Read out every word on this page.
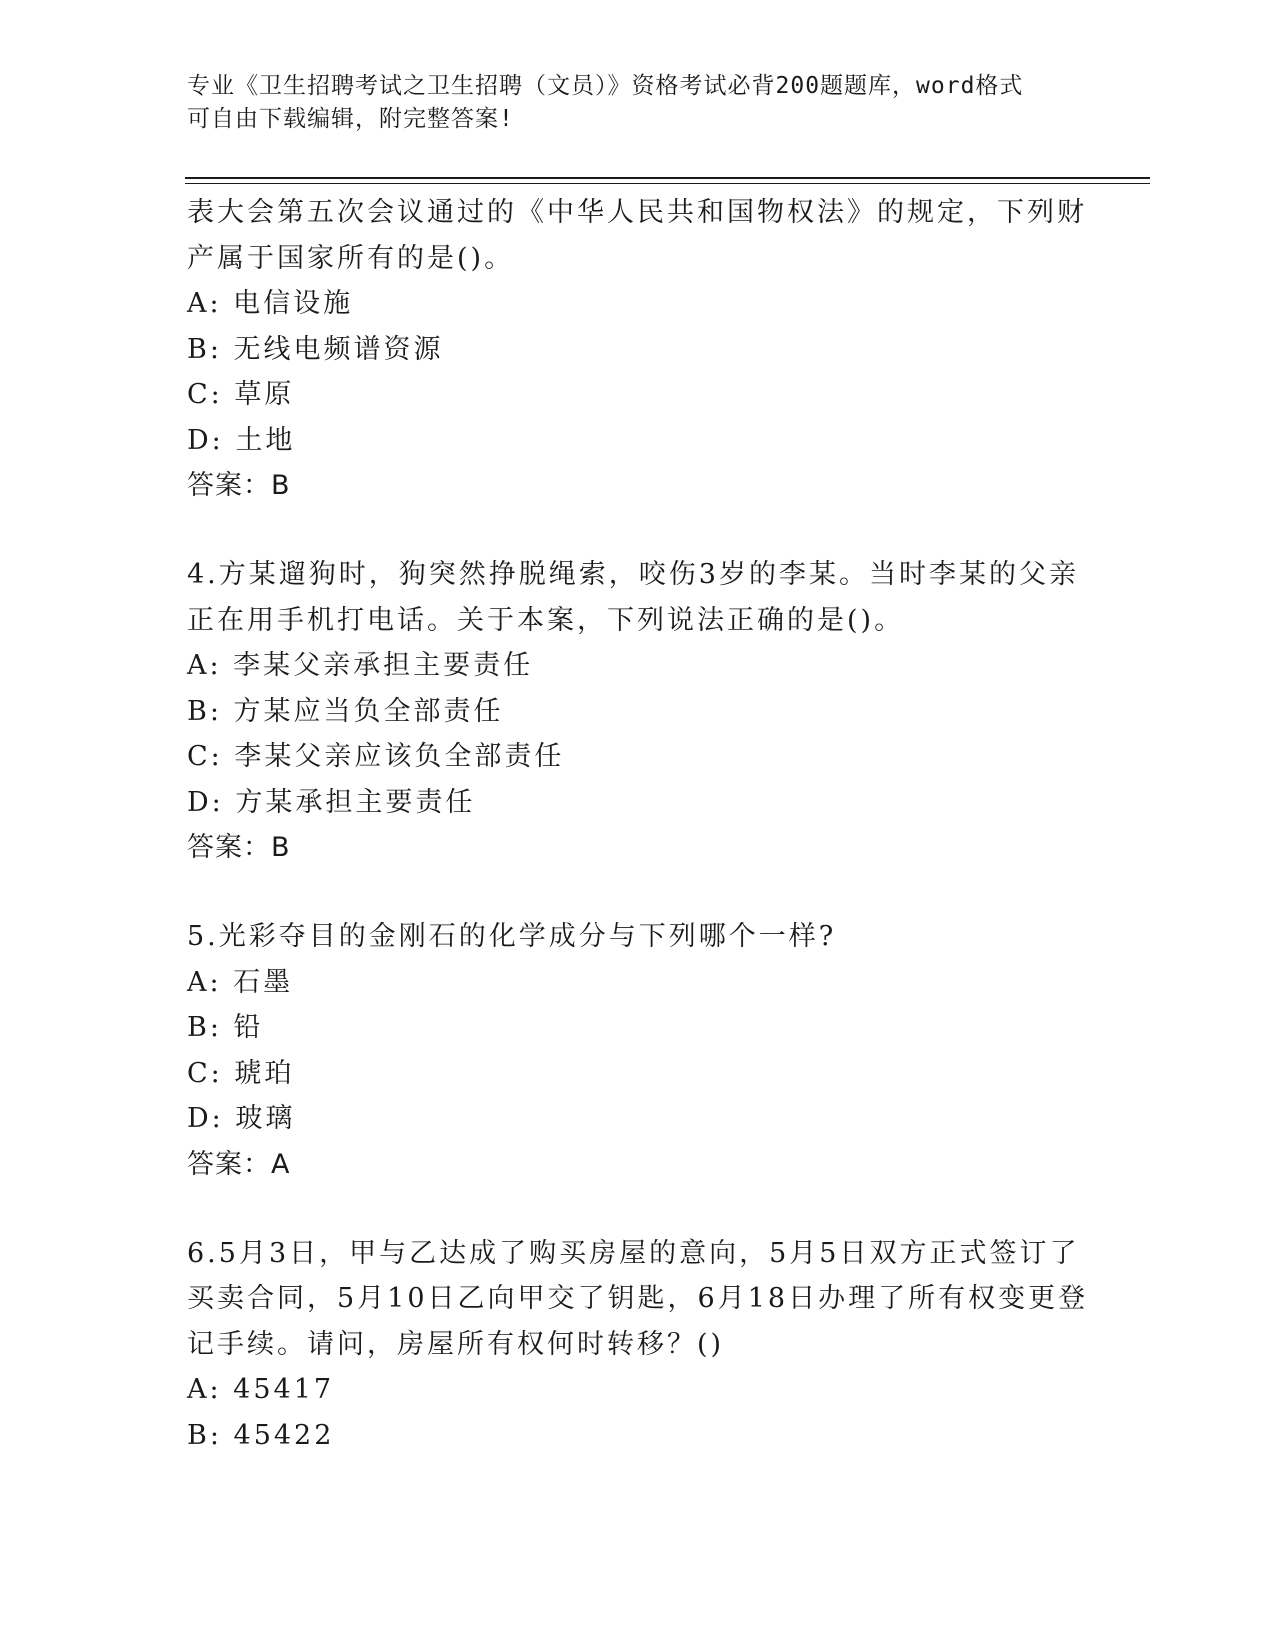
专业《卫生招聘考试之卫生招聘（文员）》资格考试必背200题题库，word格式
可自由下载编辑，附完整答案!
表大会第五次会议通过的《中华人民共和国物权法》的规定，下列财
产属于国家所有的是()。
A: 电信设施
B: 无线电频谱资源
C: 草原
D: 土地
答案：B
4.方某遛狗时，狗突然挣脱绳索，咬伤3岁的李某。当时李某的父亲
正在用手机打电话。关于本案，下列说法正确的是()。
A: 李某父亲承担主要责任
B: 方某应当负全部责任
C: 李某父亲应该负全部责任
D: 方某承担主要责任
答案：B
5.光彩夺目的金刚石的化学成分与下列哪个一样?
A: 石墨
B: 铅
C: 琥珀
D: 玻璃
答案：A
6.5月3日，甲与乙达成了购买房屋的意向，5月5日双方正式签订了
买卖合同，5月10日乙向甲交了钥匙，6月18日办理了所有权变更登
记手续。请问，房屋所有权何时转移？()
A: 45417
B: 45422
